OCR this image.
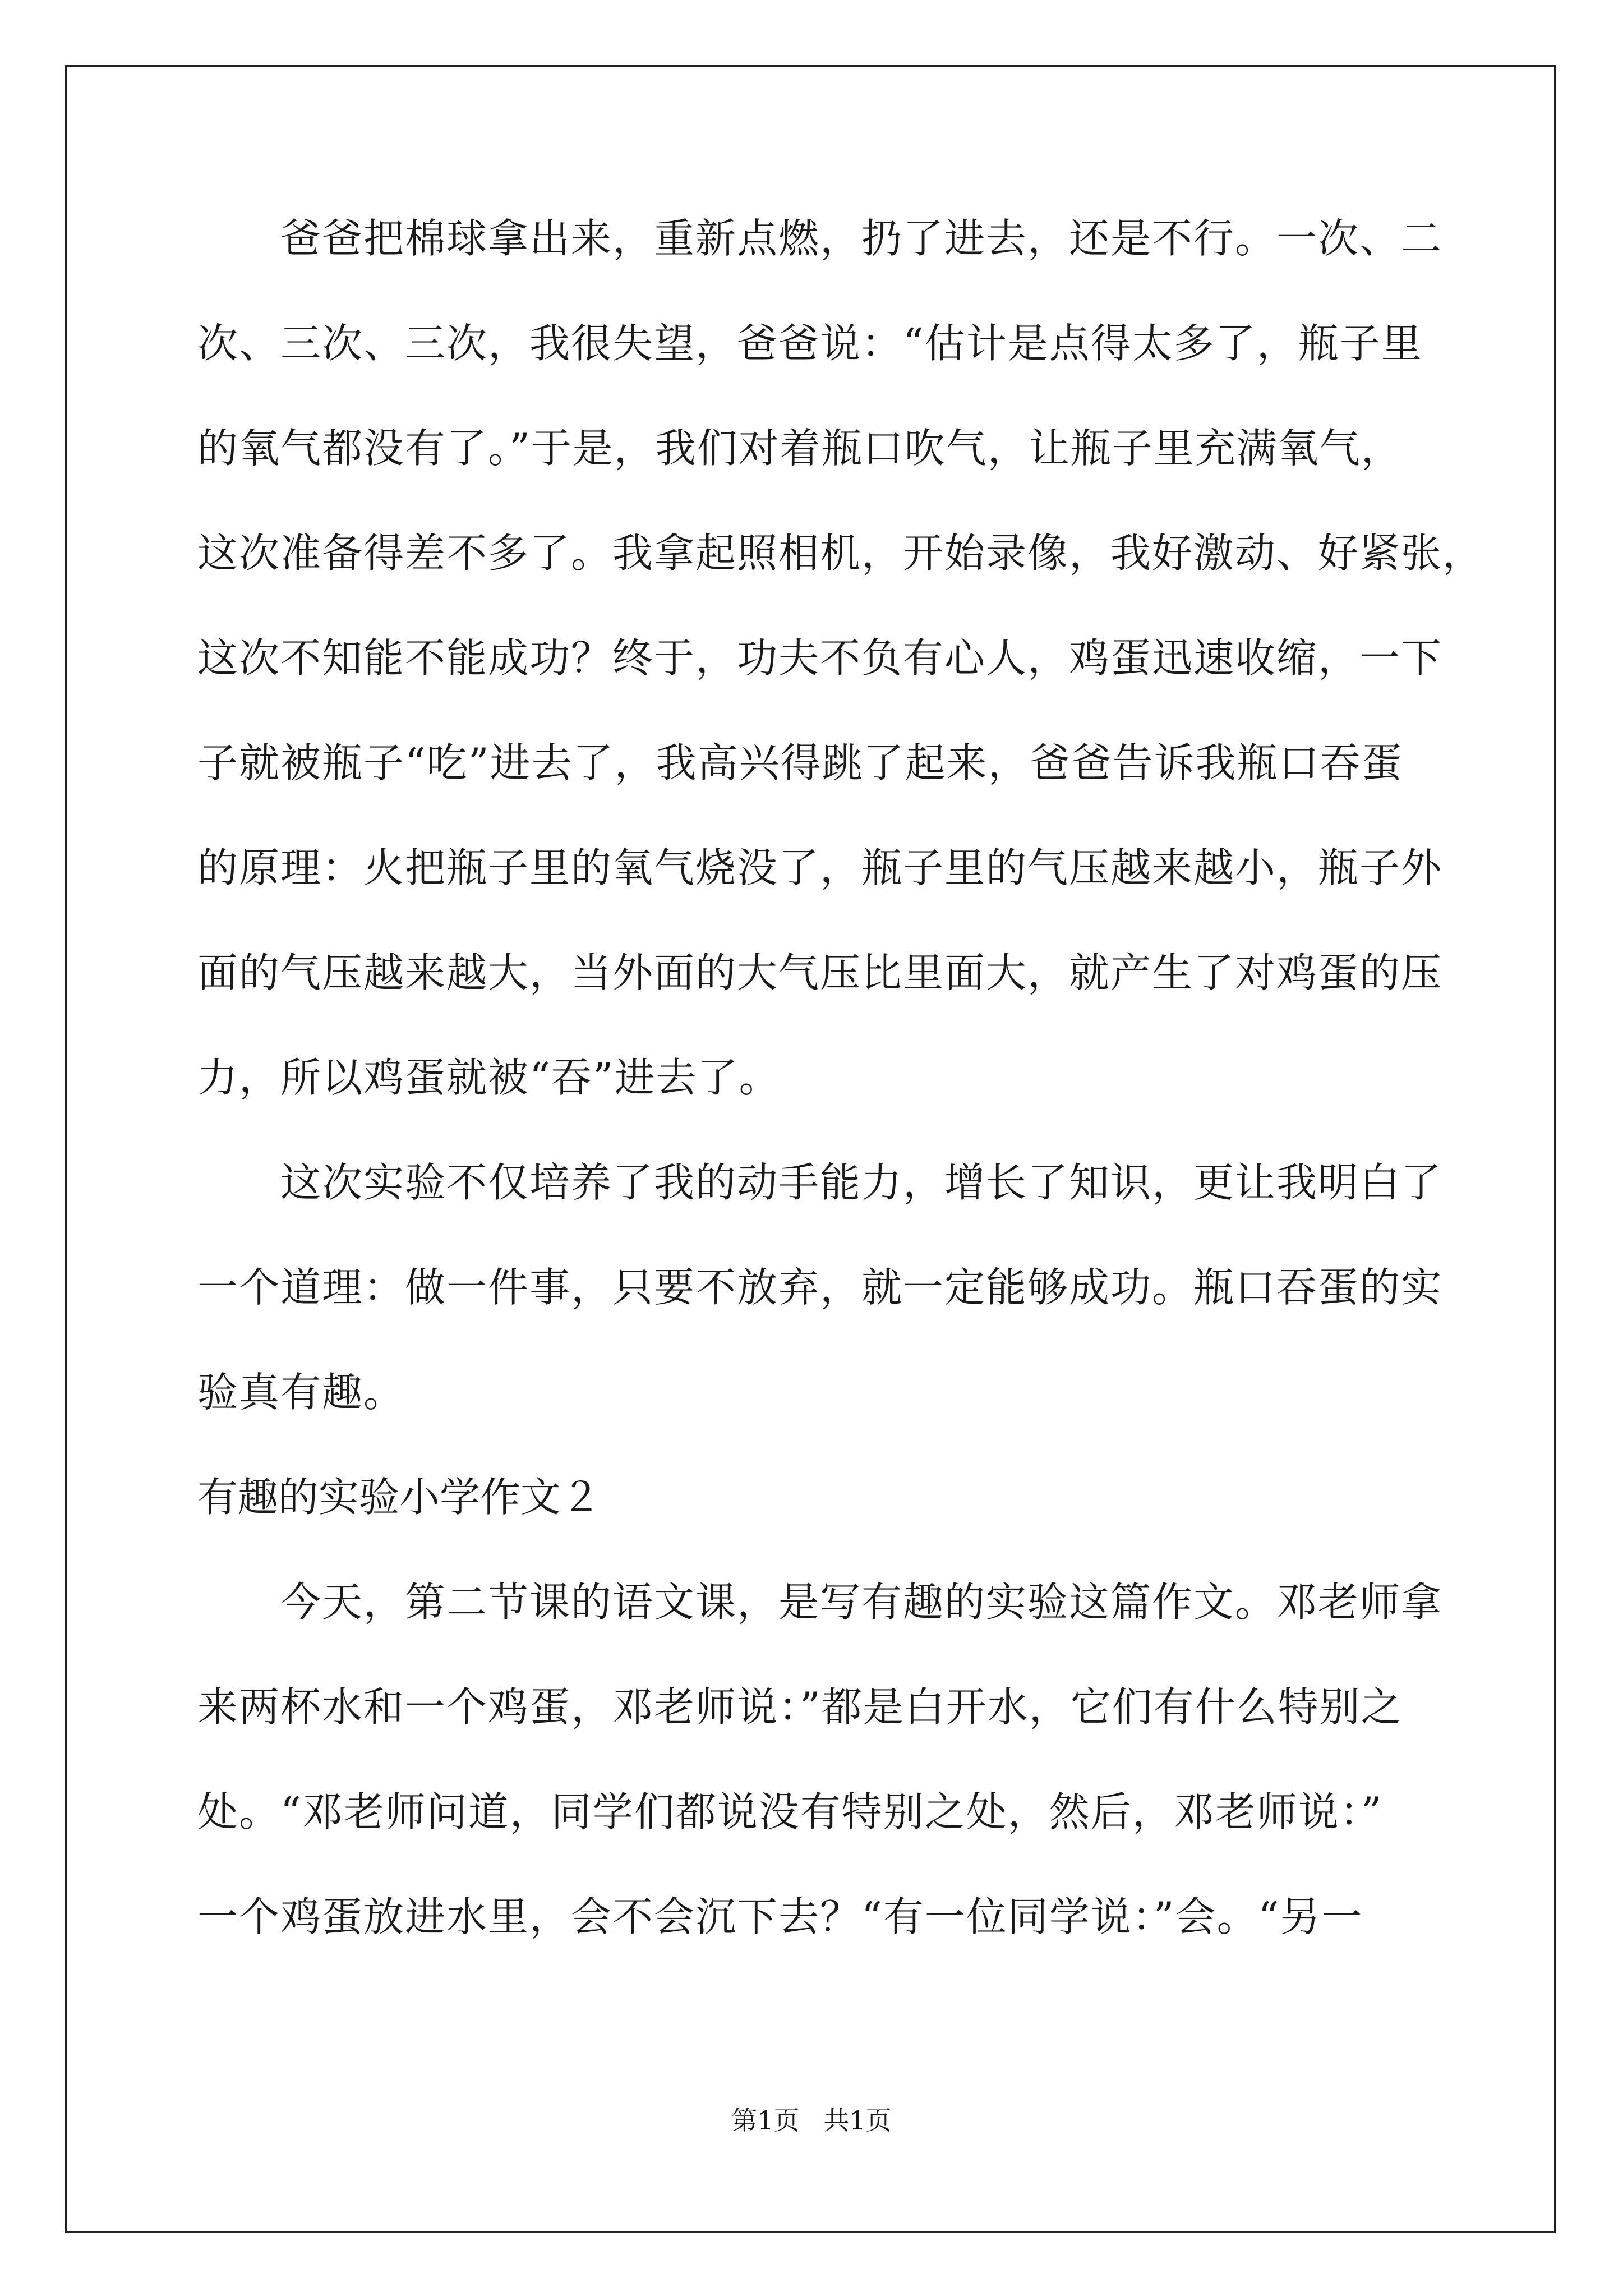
爸爸把棉球拿出来，重新点燃，扔了进去，还是不行。一次、二
次、三次、三次，我很失望，爸爸说：“估计是点得太多了，瓶子里
的氧气都没有了。”于是，我们对着瓶口吹气，让瓶子里充满氧气，
这次准备得差不多了。我拿起照相机，开始录像，我好激动、好紧张，
这次不知能不能成功？终于，功夫不负有心人，鸡蛋迅速收缩，一下
子就被瓶子“吃”进去了，我高兴得跳了起来，爸爸告诉我瓶口吞蛋
的原理：火把瓶子里的氧气烧没了，瓶子里的气压越来越小，瓶子外
面的气压越来越大，当外面的大气压比里面大，就产生了对鸡蛋的压
力，所以鸡蛋就被“吞”进去了。
这次实验不仅培养了我的动手能力，增长了知识，更让我明白了
一个道理：做一件事，只要不放弃，就一定能够成功。瓶口吞蛋的实
验真有趣。
有趣的实验小学作文２
今天，第二节课的语文课，是写有趣的实验这篇作文。邓老师拿
来两杯水和一个鸡蛋，邓老师说：”都是白开水，它们有什么特别之
处。“邓老师问道，同学们都说没有特别之处，然后，邓老师说：”
一个鸡蛋放进水里，会不会沉下去？“有一位同学说：”会。“另一
第1页 共1页
